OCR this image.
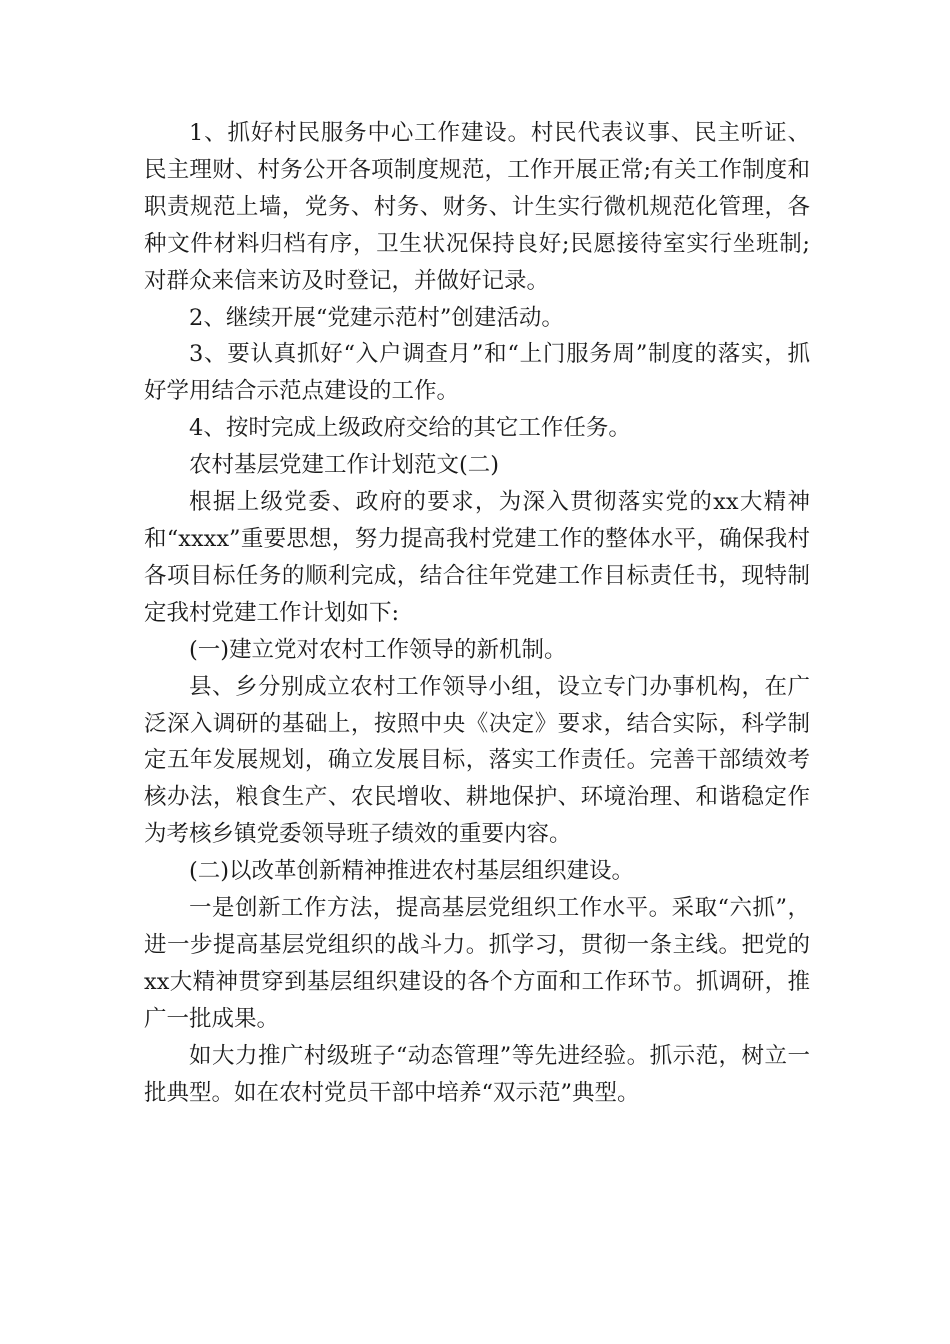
1、抓好村民服务中心工作建设。村民代表议事、民主听证、民主理财、村务公开各项制度规范，工作开展正常;有关工作制度和职责规范上墙，党务、村务、财务、计生实行微机规范化管理，各种文件材料归档有序，卫生状况保持良好;民愿接待室实行坐班制;对群众来信来访及时登记，并做好记录。

2、继续开展“党建示范村”创建活动。

3、要认真抓好“入户调查月”和“上门服务周”制度的落实，抓好学用结合示范点建设的工作。

4、按时完成上级政府交给的其它工作任务。

农村基层党建工作计划范文(二)

根据上级党委、政府的要求，为深入贯彻落实党的xx大精神和“xxxx”重要思想，努力提高我村党建工作的整体水平，确保我村各项目标任务的顺利完成，结合往年党建工作目标责任书，现特制定我村党建工作计划如下:

(一)建立党对农村工作领导的新机制。

县、乡分别成立农村工作领导小组，设立专门办事机构，在广泛深入调研的基础上，按照中央《决定》要求，结合实际，科学制定五年发展规划，确立发展目标，落实工作责任。完善干部绩效考核办法，粮食生产、农民增收、耕地保护、环境治理、和谐稳定作为考核乡镇党委领导班子绩效的重要内容。

(二)以改革创新精神推进农村基层组织建设。

一是创新工作方法，提高基层党组织工作水平。采取“六抓”，进一步提高基层党组织的战斗力。抓学习，贯彻一条主线。把党的xx大精神贯穿到基层组织建设的各个方面和工作环节。抓调研，推广一批成果。

如大力推广村级班子“动态管理”等先进经验。抓示范，树立一批典型。如在农村党员干部中培养“双示范”典型。
